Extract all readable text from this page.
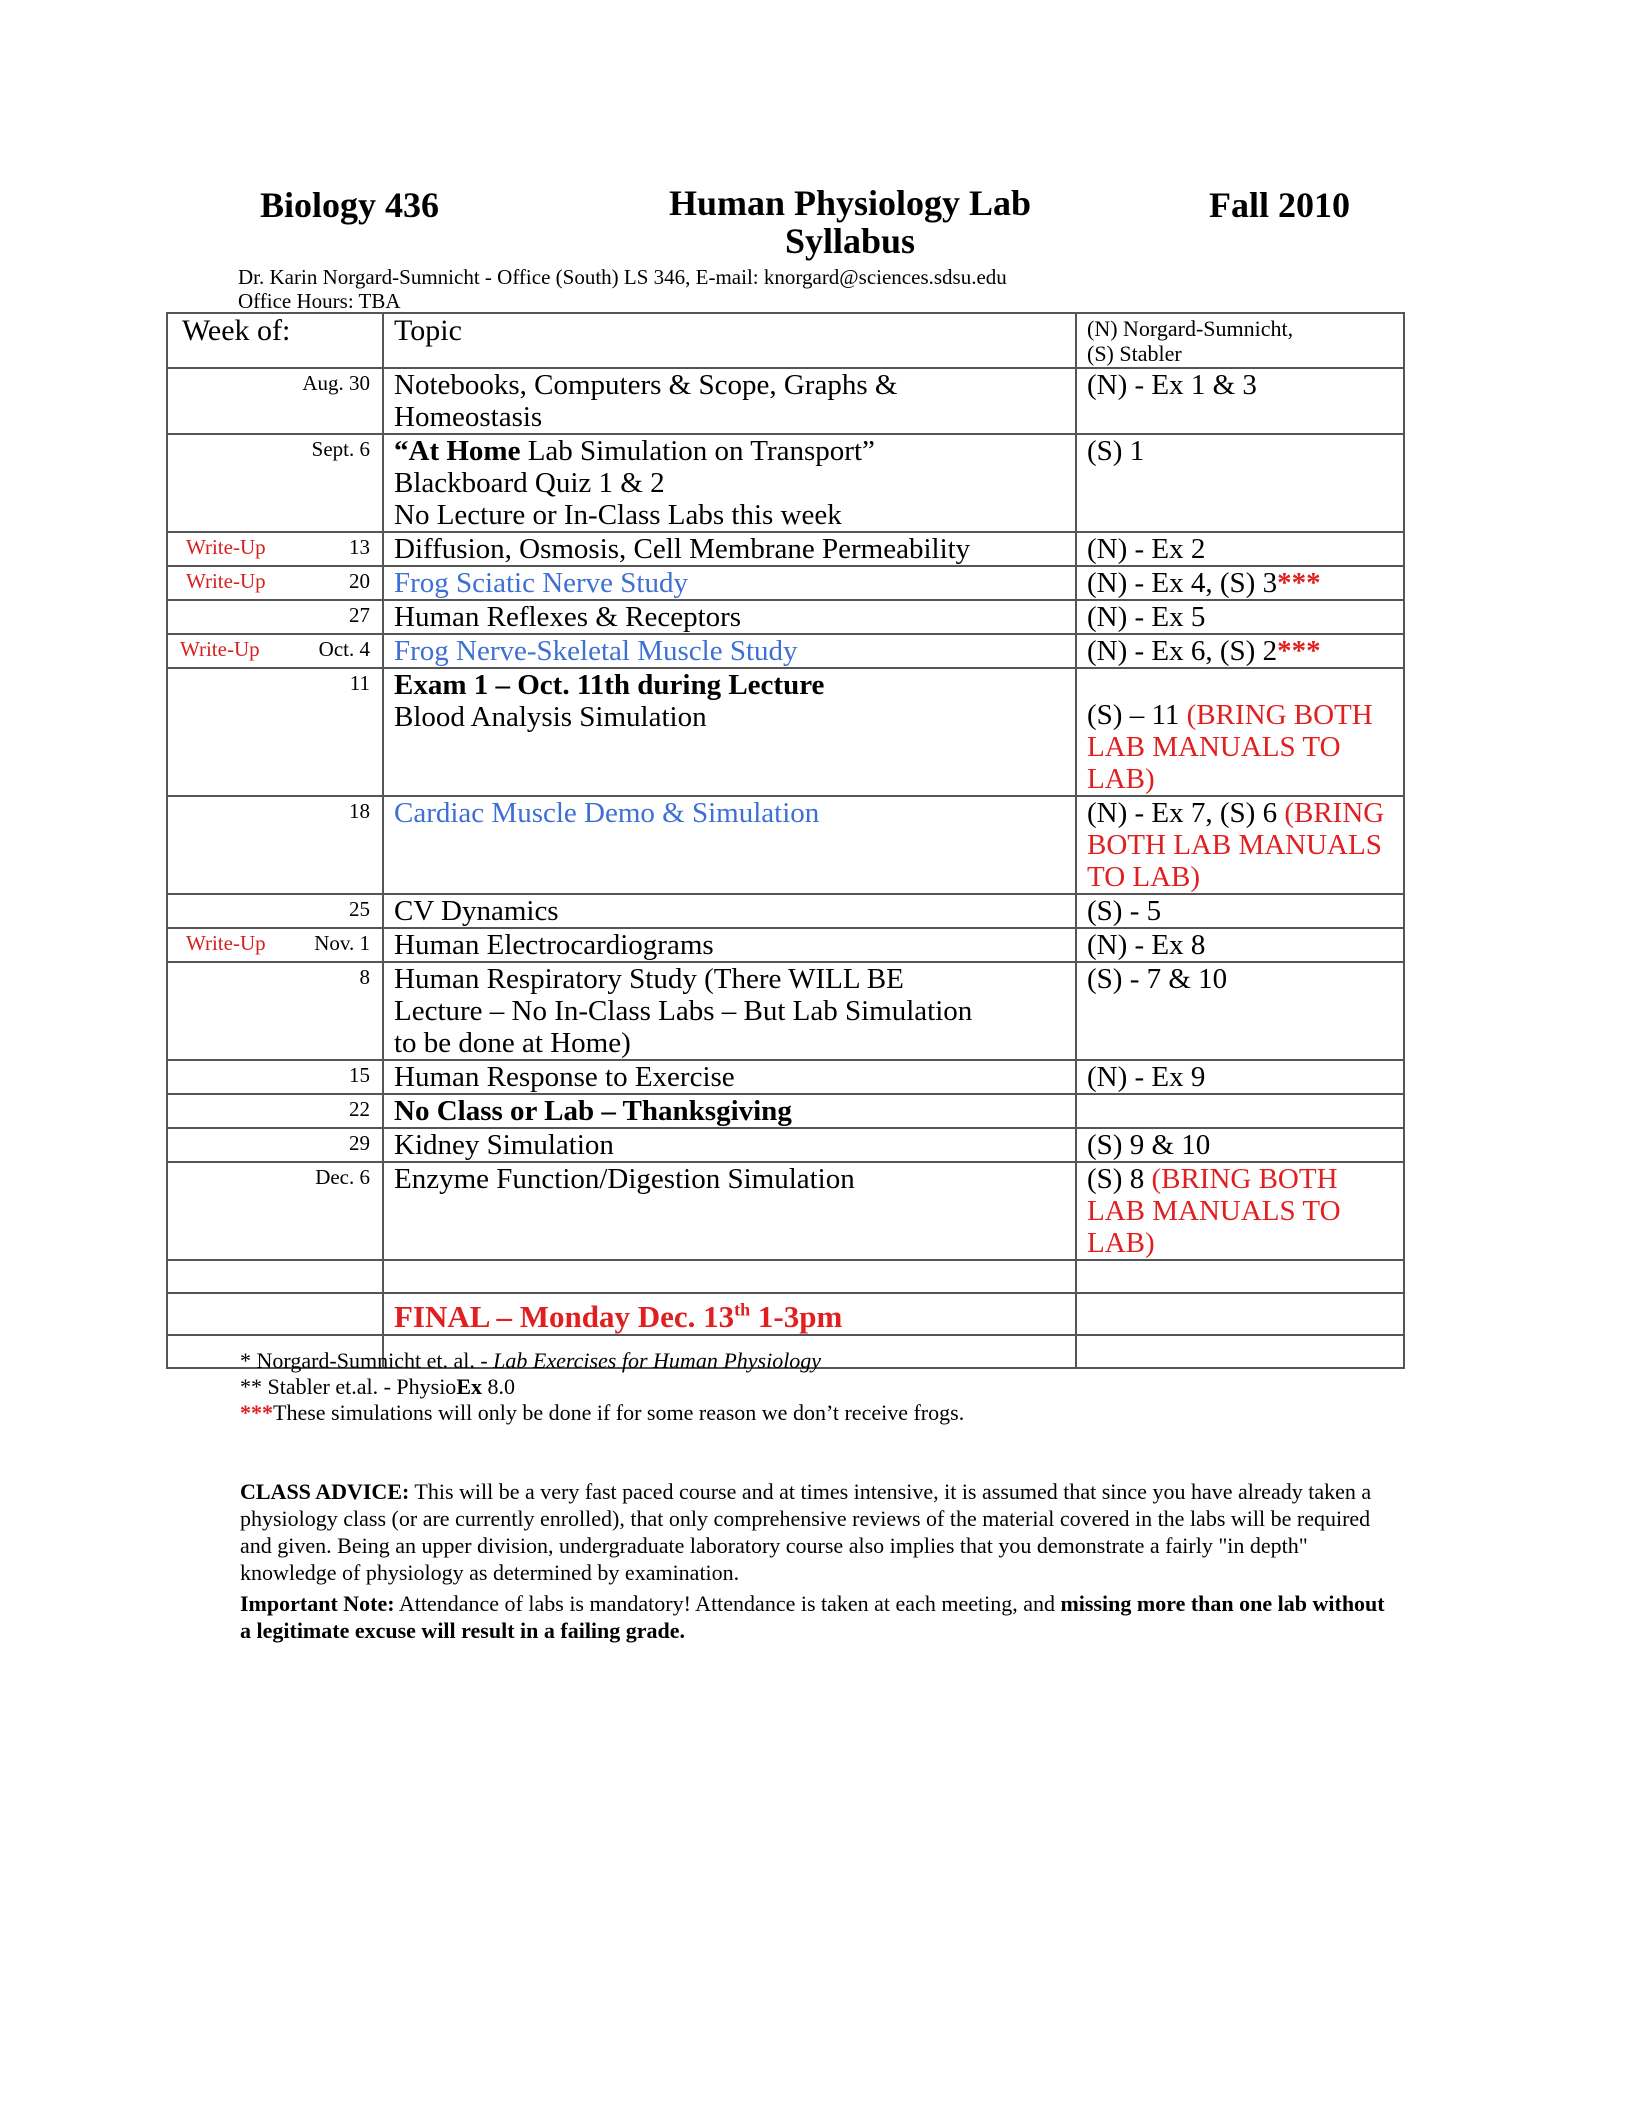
Biology 436	Human Physiology Lab
Syllabus
Fall 2010
Dr. Karin Norgard-Sumnicht - Office (South) LS 346, E-mail: knorgard@sciences.sdsu.edu
Office Hours: TBA
Week of:	Topic	(N) Norgard-Sumnicht,
(S) Stabler

Aug. 30	Notebooks, Computers & Scope, Graphs &
Homeostasis	(N) - Ex 1 & 3
Sept. 6	“At Home Lab Simulation on Transport”
Blackboard Quiz 1 & 2
No Lecture or In-Class Labs this week	(S) 1

Write-Up 13	Diffusion, Osmosis, Cell Membrane Permeability	(N) - Ex 2

Write-Up 20	Frog Sciatic Nerve Study	(N) - Ex 4, (S) 3***
27	Human Reflexes & Receptors	(N) - Ex 5

Write-Up Oct. 4	Frog Nerve-Skeletal Muscle Study	(N) - Ex 6, (S) 2***
11	Exam 1 – Oct. 11th during Lecture
Blood Analysis Simulation	(S) – 11 (BRING BOTH LAB MANUALS TO LAB)

18	Cardiac Muscle Demo & Simulation	(N) - Ex 7, (S) 6 (BRING BOTH LAB MANUALS TO LAB)
25	CV Dynamics	(S) - 5

Write-Up Nov. 1	Human Electrocardiograms	(N) - Ex 8
8	Human Respiratory Study (There WILL BE
Lecture – No In-Class Labs – But Lab Simulation
to be done at Home)	(S) - 7 & 10
15	Human Response to Exercise	(N) - Ex 9
22	No Class or Lab – Thanksgiving	
29	Kidney Simulation	(S) 9 & 10
Dec. 6	Enzyme Function/Digestion Simulation	(S) 8 (BRING BOTH LAB MANUALS TO LAB)

	FINAL – Monday Dec. 13th 1-3pm	

* Norgard-Sumnicht et. al. - Lab Exercises for Human Physiology
** Stabler et.al. - PhysioEx 8.0
***These simulations will only be done if for some reason we don’t receive frogs.
CLASS ADVICE: This will be a very fast paced course and at times intensive, it is assumed that since you have already taken a physiology class (or are currently enrolled), that only comprehensive reviews of the material covered in the labs will be required and given. Being an upper division, undergraduate laboratory course also implies that you demonstrate a fairly "in depth" knowledge of physiology as determined by examination.
Important Note: Attendance of labs is mandatory! Attendance is taken at each meeting, and missing more than one lab without a legitimate excuse will result in a failing grade.
